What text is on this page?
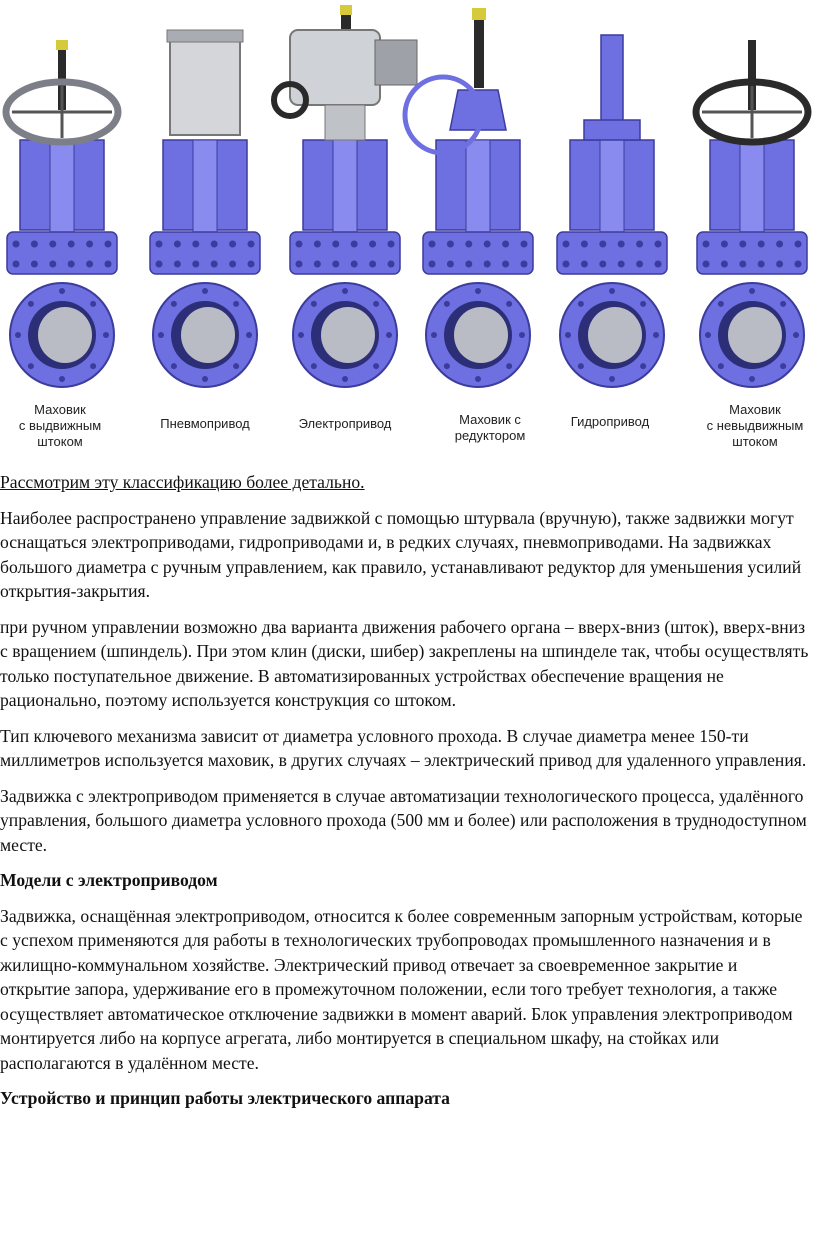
Маховик
с выдвижным
штоком
Пневмопривод	Электропривод	Маховик с
редуктором
Гидропривод
Маховик
с невыдвижным
штоком

Рассмотрим эту классификацию более детально.

Наиболее распространено управление задвижкой с помощью штурвала (вручную), также задвижки могут оснащаться электроприводами, гидроприводами и, в редких случаях, пневмоприводами. На задвижках большого диаметра с ручным управлением, как правило, устанавливают редуктор для уменьшения усилий открытия-закрытия.

при ручном управлении возможно два варианта движения рабочего органа – вверх-вниз (шток), вверх-вниз с вращением (шпиндель). При этом клин (диски, шибер) закреплены на шпинделе так, чтобы осуществлять только поступательное движение. В автоматизированных устройствах обеспечение вращения не рационально, поэтому используется конструкция со штоком.

Тип ключевого механизма зависит от диаметра условного прохода. В случае диаметра менее 150-ти миллиметров используется маховик, в других случаях – электрический привод для удаленного управления.

Задвижка с электроприводом применяется в случае автоматизации технологического процесса, удалённого управления, большого диаметра условного прохода (500 мм и более) или расположения в труднодоступном месте.

Модели с электроприводом

Задвижка, оснащённая электроприводом, относится к более современным запорным устройствам, которые с успехом применяются для работы в технологических трубопроводах промышленного назначения и в жилищно-коммунальном хозяйстве. Электрический привод отвечает за своевременное закрытие и открытие запора, удерживание его в промежуточном положении, если того требует технология, а также осуществляет автоматическое отключение задвижки в момент аварий. Блок управления электроприводом монтируется либо на корпусе агрегата, либо монтируется в специальном шкафу, на стойках или располагаются в удалённом месте.

Устройство и принцип работы электрического аппарата
